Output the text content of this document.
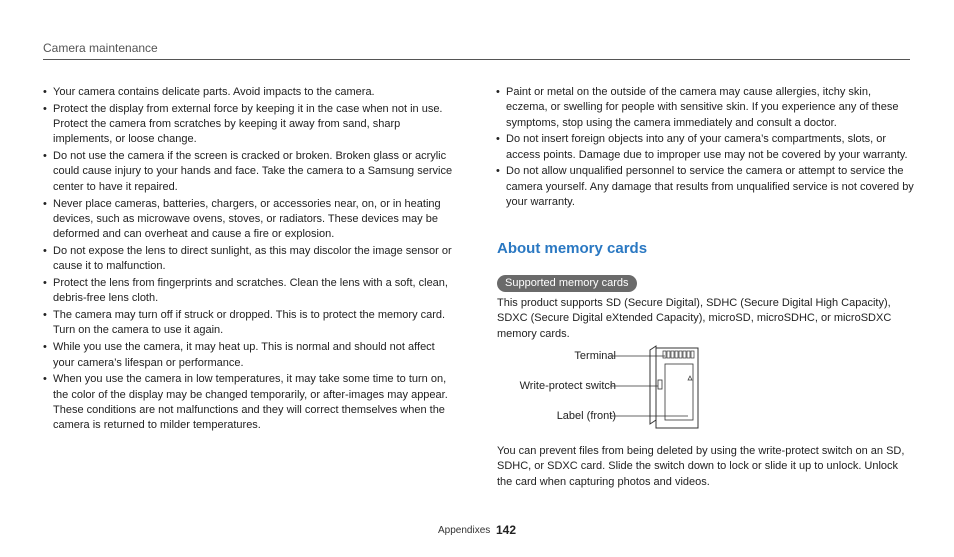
Camera maintenance
• Your camera contains delicate parts. Avoid impacts to the camera.
• Protect the display from external force by keeping it in the case when not in use. Protect the camera from scratches by keeping it away from sand, sharp implements, or loose change.
• Do not use the camera if the screen is cracked or broken. Broken glass or acrylic could cause injury to your hands and face. Take the camera to a Samsung service center to have it repaired.
• Never place cameras, batteries, chargers, or accessories near, on, or in heating devices, such as microwave ovens, stoves, or radiators. These devices may be deformed and can overheat and cause a fire or explosion.
• Do not expose the lens to direct sunlight, as this may discolor the image sensor or cause it to malfunction.
• Protect the lens from fingerprints and scratches. Clean the lens with a soft, clean, debris-free lens cloth.
• The camera may turn off if struck or dropped. This is to protect the memory card. Turn on the camera to use it again.
• While you use the camera, it may heat up. This is normal and should not affect your camera’s lifespan or performance.
• When you use the camera in low temperatures, it may take some time to turn on, the color of the display may be changed temporarily, or after-images may appear. These conditions are not malfunctions and they will correct themselves when the camera is returned to milder temperatures.
• Paint or metal on the outside of the camera may cause allergies, itchy skin, eczema, or swelling for people with sensitive skin. If you experience any of these symptoms, stop using the camera immediately and consult a doctor.
• Do not insert foreign objects into any of your camera’s compartments, slots, or access points. Damage due to improper use may not be covered by your warranty.
• Do not allow unqualified personnel to service the camera or attempt to service the camera yourself. Any damage that results from unqualified service is not covered by your warranty.
About memory cards
Supported memory cards
This product supports SD (Secure Digital), SDHC (Secure Digital High Capacity), SDXC (Secure Digital eXtended Capacity), microSD, microSDHC, or microSDXC memory cards.
Terminal
Write-protect switch
Label (front)
You can prevent files from being deleted by using the write-protect switch on an SD, SDHC, or SDXC card. Slide the switch down to lock or slide it up to unlock. Unlock the card when capturing photos and videos.
Appendixes 142
